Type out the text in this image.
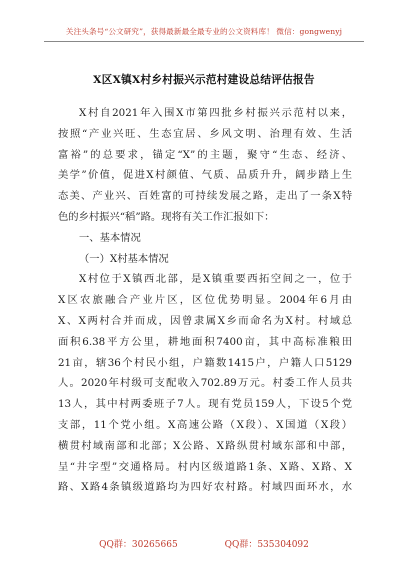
关注头条号“公文研究”，获得最新最全最专业的公文资料库！ 微信：gongwenyj
X区X镇X村乡村振兴示范村建设总结评估报告
X村自2021年入围X市第四批乡村振兴示范村以来，
按照“产业兴旺、生态宜居、乡风文明、治理有效、生活
富裕”的总要求，锚定“X”的主题，聚守“生态、经济、
美学”价值，促进X村颜值、气质、品质升升，阔步踏上生
态美、产业兴、百姓富的可持续发展之路，走出了一条X特
色的乡村振兴“稻”路。现将有关工作汇报如下：
一、基本情况
（一）X村基本情况
X村位于X镇西北部，是X镇重要西拓空间之一，位于
X区农旅融合产业片区，区位优势明显。2004年6月由
X、X两村合并而成，因曾隶属X乡而命名为X村。村域总
面积6.38平方公里，耕地面积7400亩，其中高标准粮田
21亩，辖36个村民小组，户籍数1415户，户籍人口5129
人。2020年村级可支配收入702.89万元。村委工作人员共
13人，其中村两委班子7人。现有党员159人，下设5个党
支部，11个党小组。X高速公路（X段）、X国道（X段）
横贯村域南部和北部；X公路、X路纵贯村域东部和中部，
呈“井字型”交通格局。村内区级道路1条、X路、X路、X
路、X路4条镇级道路均为四好农村路。村域四面环水，水
QQ群：30265665	QQ群：535304092
